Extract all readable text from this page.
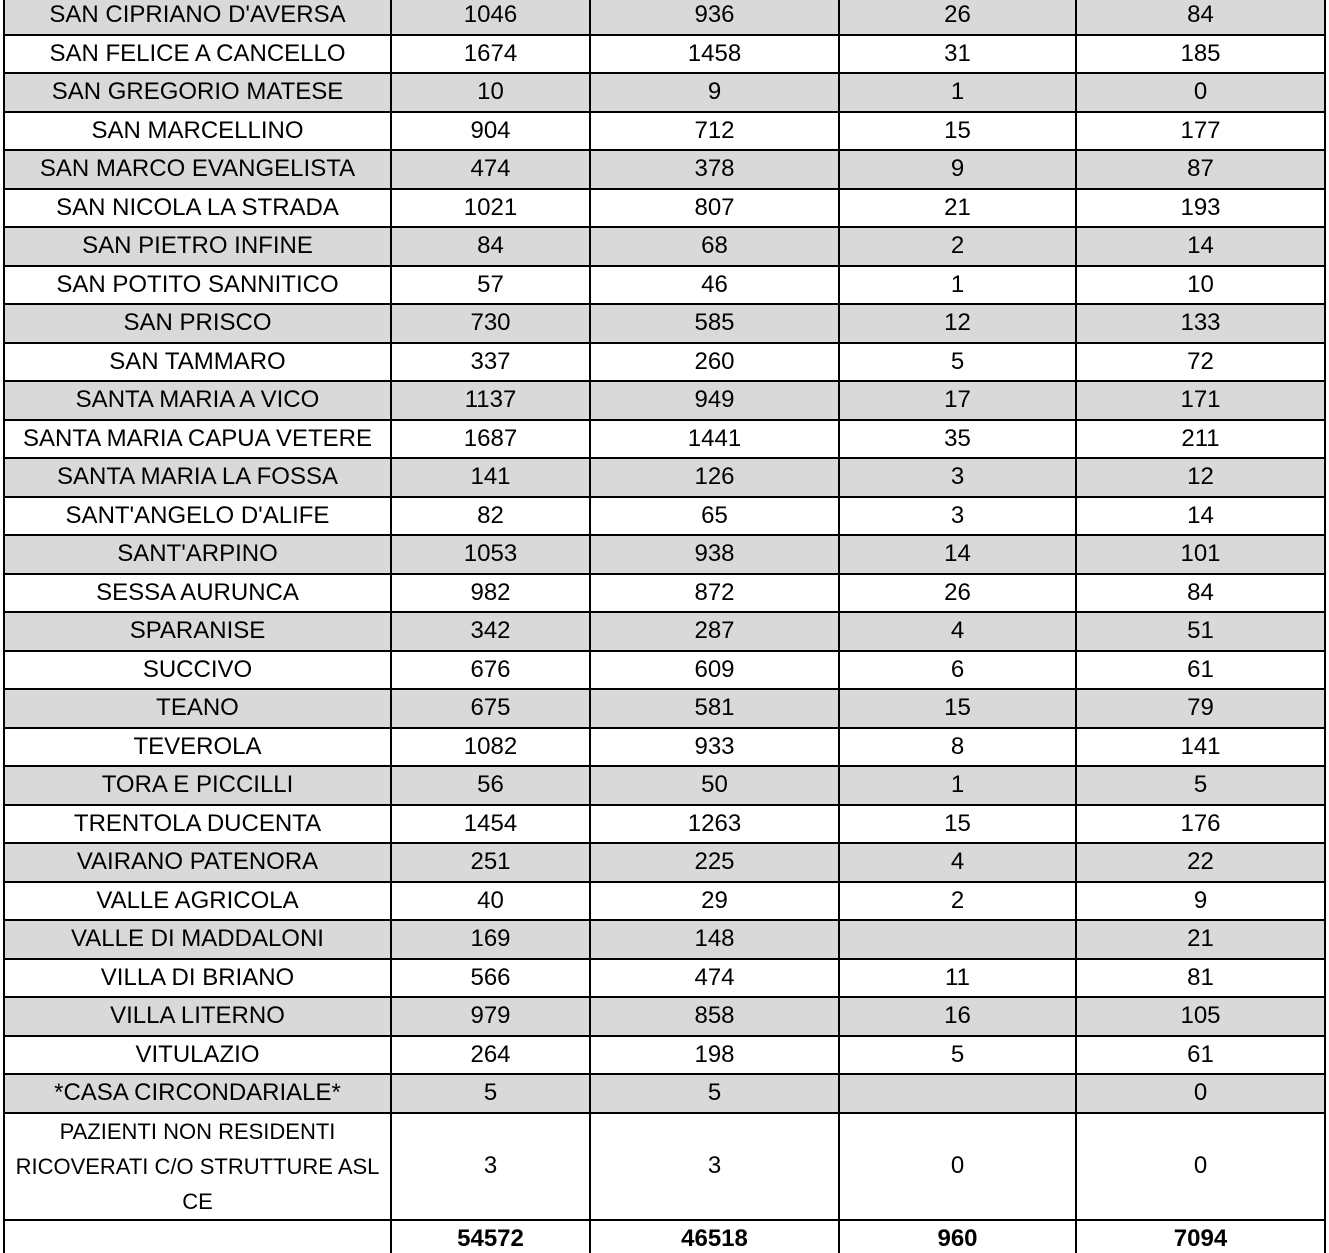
SAN CIPRIANO D'AVERSA	1046	936	26	84
SAN FELICE A CANCELLO	1674	1458	31	185
SAN GREGORIO MATESE	10	9	1	0
SAN MARCELLINO	904	712	15	177
SAN MARCO EVANGELISTA	474	378	9	87
SAN NICOLA LA STRADA	1021	807	21	193
SAN PIETRO INFINE	84	68	2	14
SAN POTITO SANNITICO	57	46	1	10
SAN PRISCO	730	585	12	133
SAN TAMMARO	337	260	5	72
SANTA MARIA A VICO	1137	949	17	171
SANTA MARIA CAPUA VETERE	1687	1441	35	211
SANTA MARIA LA FOSSA	141	126	3	12
SANT'ANGELO D'ALIFE	82	65	3	14
SANT'ARPINO	1053	938	14	101
SESSA AURUNCA	982	872	26	84
SPARANISE	342	287	4	51
SUCCIVO	676	609	6	61
TEANO	675	581	15	79
TEVEROLA	1082	933	8	141
TORA E PICCILLI	56	50	1	5
TRENTOLA DUCENTA	1454	1263	15	176
VAIRANO PATENORA	251	225	4	22
VALLE AGRICOLA	40	29	2	9
VALLE DI MADDALONI	169	148		21
VILLA DI BRIANO	566	474	11	81
VILLA LITERNO	979	858	16	105
VITULAZIO	264	198	5	61
*CASA CIRCONDARIALE*	5	5		0
PAZIENTI NON RESIDENTI RICOVERATI C/O STRUTTURE ASL CE	3	3	0	0
	54572	46518	960	7094
